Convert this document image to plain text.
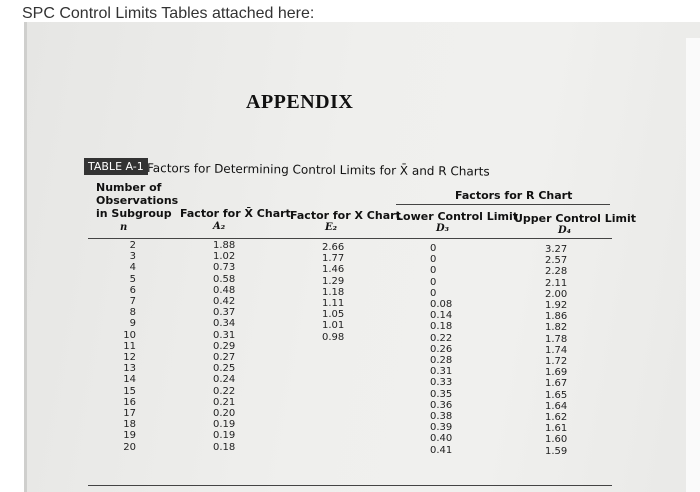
SPC Control Limits Tables attached here:
APPENDIX
TABLE A-1 Factors for Determining Control Limits for X̄ and R Charts
Number of
Observations
in Subgroup
n
Factor for X̄ Chart
A₂
Factor for X Chart
E₂
Factors for R Chart
Lower Control Limit
D₃
Upper Control Limit
D₄
2
3
4
5
6
7
8
9
10
11
12
13
14
15
16
17
18
19
20
1.88
1.02
0.73
0.58
0.48
0.42
0.37
0.34
0.31
0.29
0.27
0.25
0.24
0.22
0.21
0.20
0.19
0.19
0.18
2.66
1.77
1.46
1.29
1.18
1.11
1.05
1.01
0.98
0
0
0
0
0
0.08
0.14
0.18
0.22
0.26
0.28
0.31
0.33
0.35
0.36
0.38
0.39
0.40
0.41
3.27
2.57
2.28
2.11
2.00
1.92
1.86
1.82
1.78
1.74
1.72
1.69
1.67
1.65
1.64
1.62
1.61
1.60
1.59
